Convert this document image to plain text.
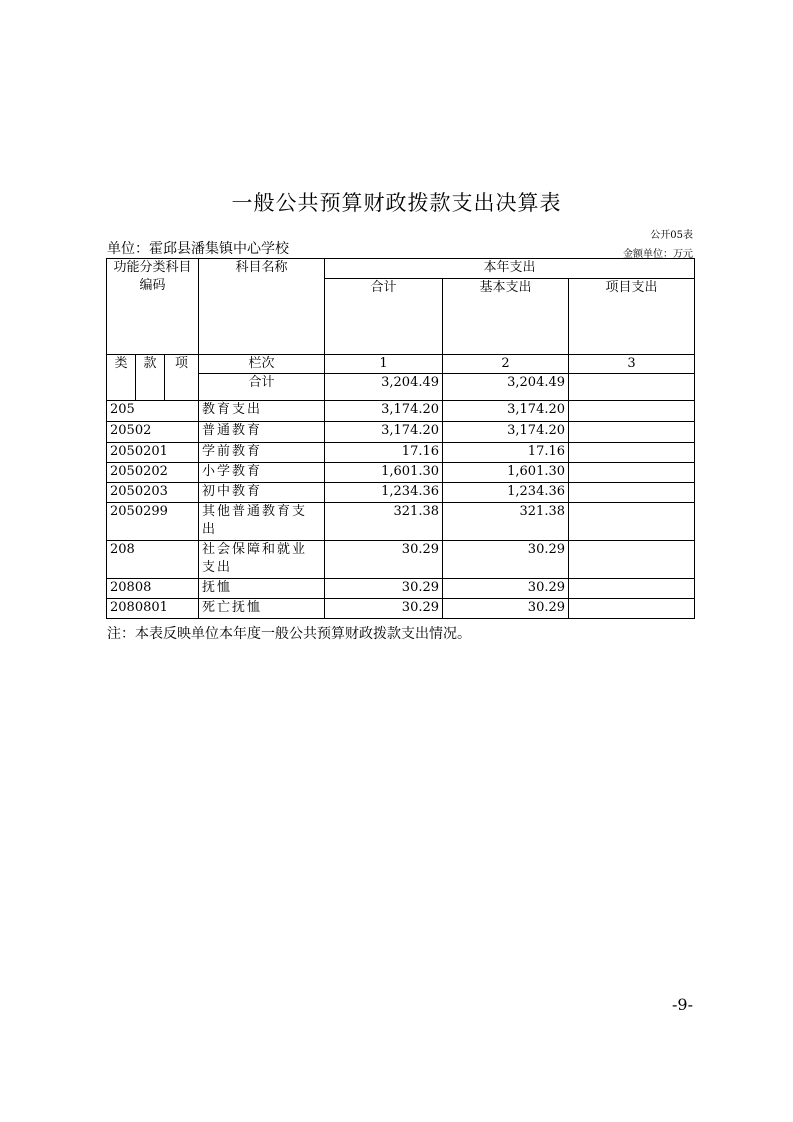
一般公共预算财政拨款支出决算表
公开05表
单位：霍邱县潘集镇中心学校	金额单位：万元
功能分类科目编码			科目名称	本年支出		
				合计	基本支出	项目支出
类	款	项	栏次	1	2	3
			合计	3,204.49	3,204.49	
205			教育支出	3,174.20	3,174.20	
20502			普通教育	3,174.20	3,174.20	
2050201			学前教育	17.16	17.16	
2050202			小学教育	1,601.30	1,601.30	
2050203			初中教育	1,234.36	1,234.36	
2050299			其他普通教育支出	321.38	321.38	
208			社会保障和就业支出	30.29	30.29	
20808			抚恤	30.29	30.29	
2080801			死亡抚恤	30.29	30.29	
注：本表反映单位本年度一般公共预算财政拨款支出情况。
-9-
